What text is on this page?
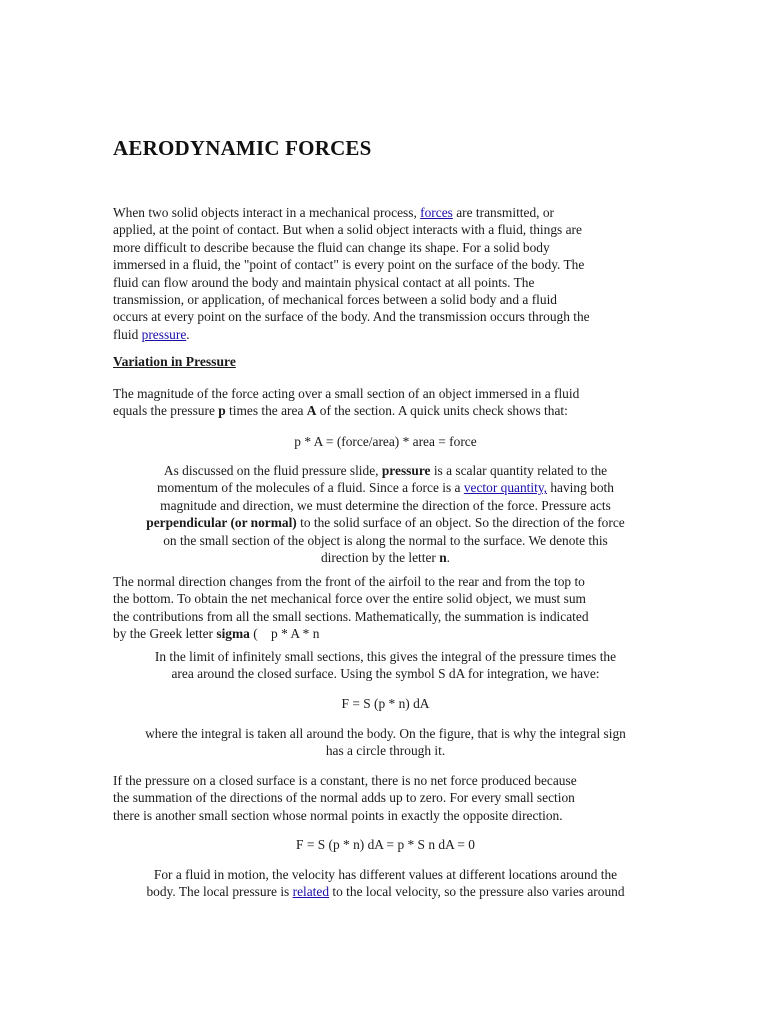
AERODYNAMIC FORCES
When two solid objects interact in a mechanical process, forces are transmitted, or
applied, at the point of contact. But when a solid object interacts with a fluid, things are
more difficult to describe because the fluid can change its shape. For a solid body
immersed in a fluid, the "point of contact" is every point on the surface of the body. The
fluid can flow around the body and maintain physical contact at all points. The
transmission, or application, of mechanical forces between a solid body and a fluid
occurs at every point on the surface of the body. And the transmission occurs through the
fluid pressure.
Variation in Pressure
The magnitude of the force acting over a small section of an object immersed in a fluid
equals the pressure p times the area A of the section. A quick units check shows that:
p * A = (force/area) * area = force
As discussed on the fluid pressure slide, pressure is a scalar quantity related to the
momentum of the molecules of a fluid. Since a force is a vector quantity, having both
magnitude and direction, we must determine the direction of the force. Pressure acts
perpendicular (or normal) to the solid surface of an object. So the direction of the force
on the small section of the object is along the normal to the surface. We denote this
direction by the letter n.
The normal direction changes from the front of the airfoil to the rear and from the top to
the bottom. To obtain the net mechanical force over the entire solid object, we must sum
the contributions from all the small sections. Mathematically, the summation is indicated
by the Greek letter sigma (    p * A * n
In the limit of infinitely small sections, this gives the integral of the pressure times the
area around the closed surface. Using the symbol S dA for integration, we have:
F = S (p * n) dA
where the integral is taken all around the body. On the figure, that is why the integral sign
has a circle through it.
If the pressure on a closed surface is a constant, there is no net force produced because
the summation of the directions of the normal adds up to zero. For every small section
there is another small section whose normal points in exactly the opposite direction.
F = S (p * n) dA = p * S n dA = 0
For a fluid in motion, the velocity has different values at different locations around the
body. The local pressure is related to the local velocity, so the pressure also varies around
